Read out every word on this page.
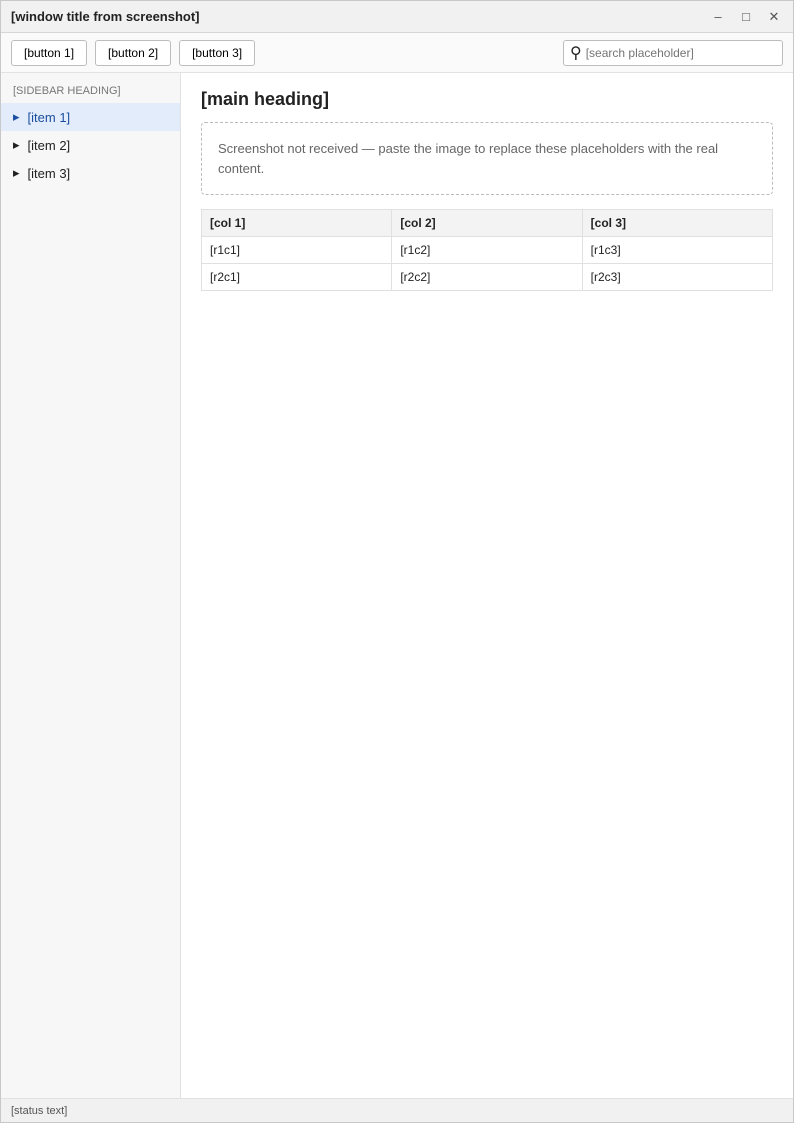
[window title from screenshot]	–	□	✕
[button 1]	[button 2]	[button 3]	⚲
[search placeholder]
[SIDEBAR HEADING]
▸ [item 1]
▸ [item 2]
▸ [item 3]
[main heading]
Screenshot not received — paste the image to replace these placeholders with the real content.
[col 1]	[col 2]	[col 3]
[r1c1]	[r1c2]	[r1c3]
[r2c1]	[r2c2]	[r2c3]
[status text]
